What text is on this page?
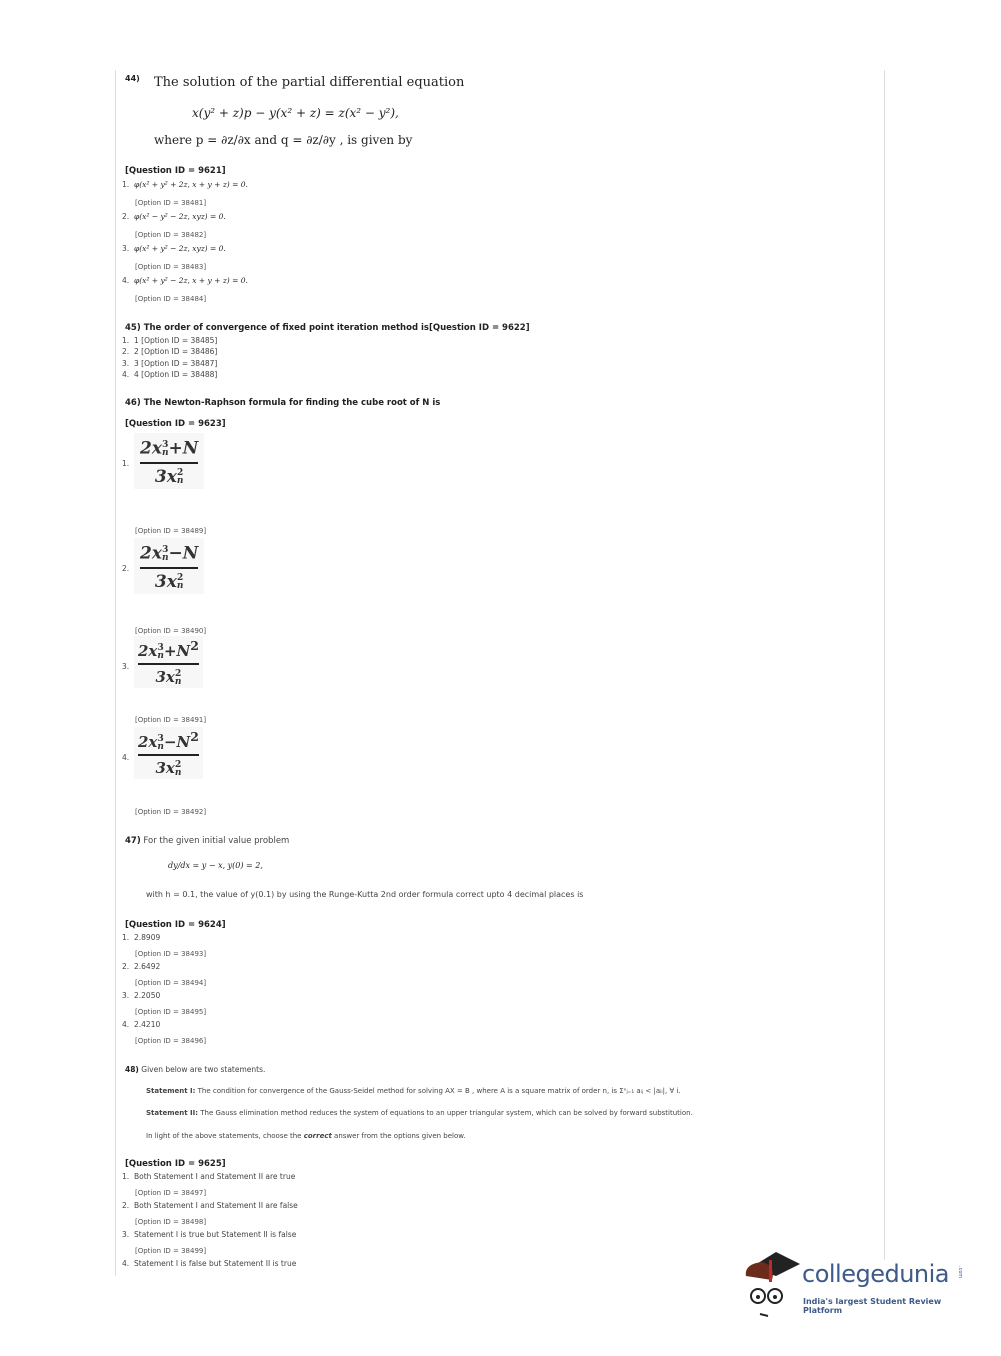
44) The solution of the partial differential equation
x(y² + z)p − y(x² + z) = z(x² − y²),
where p = ∂z/∂x and q = ∂z/∂y , is given by
[Question ID = 9621]
1. φ(x² + y² + 2z, x + y + z) = 0.
[Option ID = 38481]
2. φ(x² − y² − 2z, xyz) = 0.
[Option ID = 38482]
3. φ(x² + y² − 2z, xyz) = 0.
[Option ID = 38483]
4. φ(x² + y² − 2z, x + y + z) = 0.
[Option ID = 38484]
45) The order of convergence of fixed point iteration method is[Question ID = 9622]
1. 1 [Option ID = 38485]
2. 2 [Option ID = 38486]
3. 3 [Option ID = 38487]
4. 4 [Option ID = 38488]
46) The Newton-Raphson formula for finding the cube root of N is
[Question ID = 9623]
1.
2x 3
n +N
3x 2
n
[Option ID = 38489]
2.
2x 3
n −N
3x 2
n
[Option ID = 38490]
3.
2x 3
$n +N^2$
3x 2
n
[Option ID = 38491]
4.
2x 3
$n -N^2$
3x 2
n
[Option ID = 38492]
47) For the given initial value problem
dy/dx = y − x, y(0) = 2,
with h = 0.1, the value of y(0.1) by using the Runge-Kutta 2nd order formula correct upto 4 decimal places is
[Question ID = 9624]
1. 2.8909
[Option ID = 38493]
2. 2.6492
[Option ID = 38494]
3. 2.2050
[Option ID = 38495]
4. 2.4210
[Option ID = 38496]
48) Given below are two statements.
Statement I: The condition for convergence of the Gauss-Seidel method for solving AX = B , where A is a square matrix of order n, is Σⁿⱼ₌₁ aᵢⱼ < |aᵢᵢ|, ∀ i.
Statement II: The Gauss elimination method reduces the system of equations to an upper triangular system, which can be solved by forward substitution.
In light of the above statements, choose the correct answer from the options given below.
[Question ID = 9625]
1. Both Statement I and Statement II are true
[Option ID = 38497]
2. Both Statement I and Statement II are false
[Option ID = 38498]
3. Statement I is true but Statement II is false
[Option ID = 38499]
4. Statement I is false but Statement II is true	collegedunia .com
India's largest Student Review Platform
